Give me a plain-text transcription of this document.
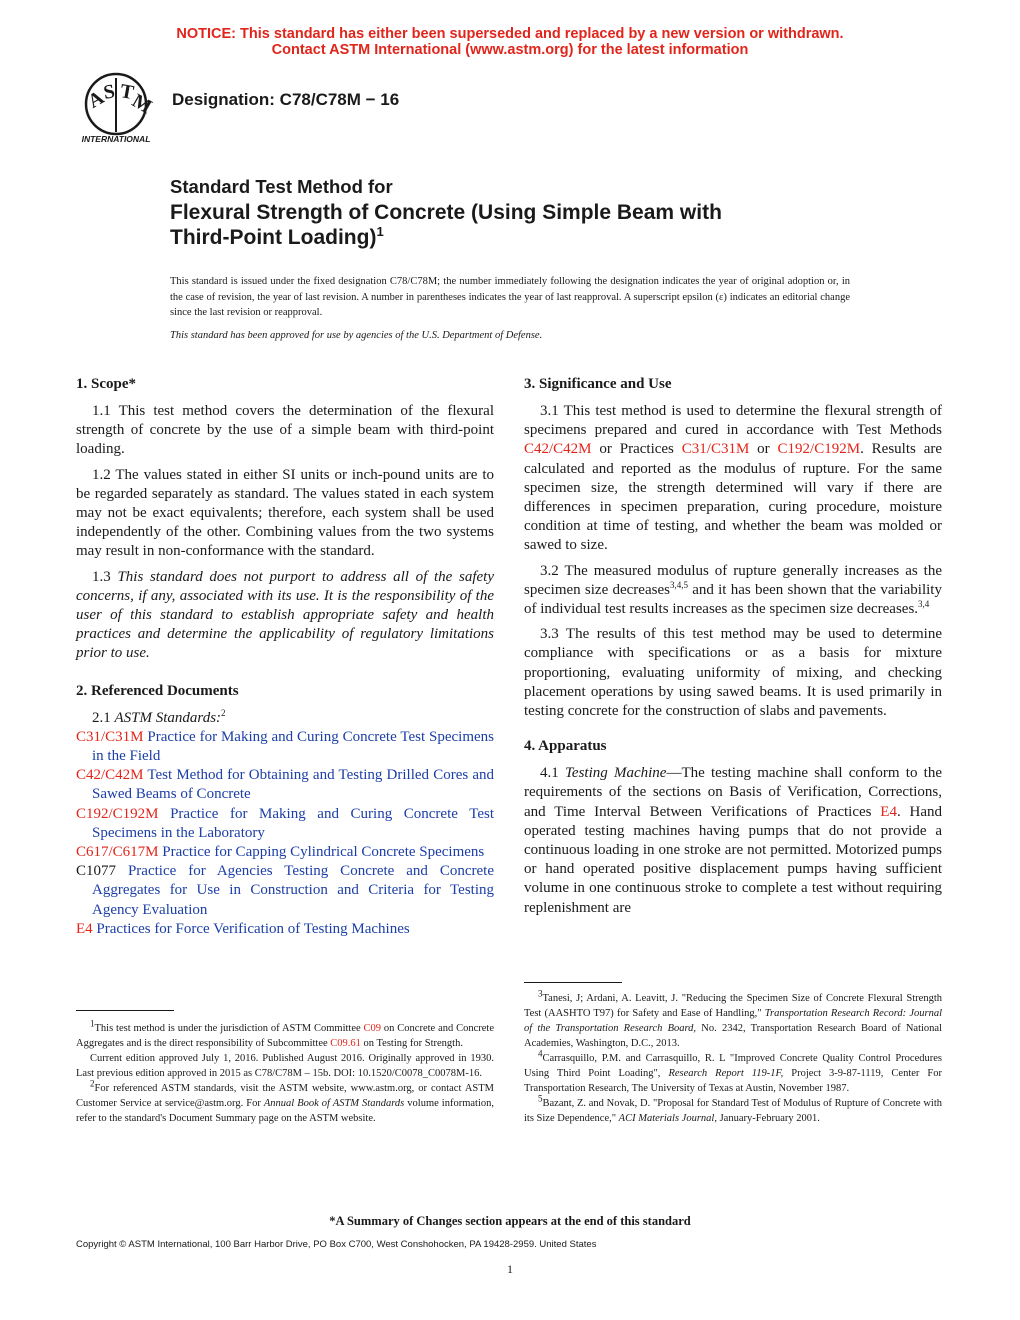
NOTICE: This standard has either been superseded and replaced by a new version or withdrawn.
Contact ASTM International (www.astm.org) for the latest information
A
S T
M
INTERNATIONAL
Designation: C78/C78M − 16
Standard Test Method for
Flexural Strength of Concrete (Using Simple Beam with
Third-Point Loading)$^1$
This standard is issued under the fixed designation C78/C78M; the number immediately following the designation indicates the year of original adoption or, in the case of revision, the year of last revision. A number in parentheses indicates the year of last reapproval. A superscript epsilon (ε) indicates an editorial change since the last revision or reapproval.
This standard has been approved for use by agencies of the U.S. Department of Defense.
1. Scope*

1.1 This test method covers the determination of the flexural strength of concrete by the use of a simple beam with third-point loading.

1.2 The values stated in either SI units or inch-pound units are to be regarded separately as standard. The values stated in each system may not be exact equivalents; therefore, each system shall be used independently of the other. Combining values from the two systems may result in non-conformance with the standard.

1.3 This standard does not purport to address all of the safety concerns, if any, associated with its use. It is the responsibility of the user of this standard to establish appropriate safety and health practices and determine the applicability of regulatory limitations prior to use.

2. Referenced Documents

2.1 ASTM Standards:$^2$

C31/C31M Practice for Making and Curing Concrete Test Specimens in the Field

C42/C42M Test Method for Obtaining and Testing Drilled Cores and Sawed Beams of Concrete

C192/C192M Practice for Making and Curing Concrete Test Specimens in the Laboratory

C617/C617M Practice for Capping Cylindrical Concrete Specimens

C1077 Practice for Agencies Testing Concrete and Concrete Aggregates for Use in Construction and Criteria for Testing Agency Evaluation

E4 Practices for Force Verification of Testing Machines

3. Significance and Use

3.1 This test method is used to determine the flexural strength of specimens prepared and cured in accordance with Test Methods C42/C42M or Practices C31/C31M or C192/C192M. Results are calculated and reported as the modulus of rupture. For the same specimen size, the strength determined will vary if there are differences in specimen preparation, curing procedure, moisture condition at time of testing, and whether the beam was molded or sawed to size.

3.2 The measured modulus of rupture generally increases as the specimen size decreases$^{3,4,5}$ and it has been shown that the variability of individual test results increases as the specimen size decreases.$^{3,4}$

3.3 The results of this test method may be used to determine compliance with specifications or as a basis for mixture proportioning, evaluating uniformity of mixing, and checking placement operations by using sawed beams. It is used primarily in testing concrete for the construction of slabs and pavements.

4. Apparatus

4.1 Testing Machine—The testing machine shall conform to the requirements of the sections on Basis of Verification, Corrections, and Time Interval Between Verifications of Practices E4. Hand operated testing machines having pumps that do not provide a continuous loading in one stroke are not permitted. Motorized pumps or hand operated positive displacement pumps having sufficient volume in one continuous stroke to complete a test without requiring replenishment are

$^1$This test method is under the jurisdiction of ASTM Committee C09 on Concrete and Concrete Aggregates and is the direct responsibility of Subcommittee C09.61 on Testing for Strength.

Current edition approved July 1, 2016. Published August 2016. Originally approved in 1930. Last previous edition approved in 2015 as C78/C78M – 15b. DOI: 10.1520/C0078_C0078M-16.

$^2$For referenced ASTM standards, visit the ASTM website, www.astm.org, or contact ASTM Customer Service at service@astm.org. For Annual Book of ASTM Standards volume information, refer to the standard's Document Summary page on the ASTM website.

$^3$Tanesi, J; Ardani, A. Leavitt, J. "Reducing the Specimen Size of Concrete Flexural Strength Test (AASHTO T97) for Safety and Ease of Handling," Transportation Research Record: Journal of the Transportation Research Board, No. 2342, Transportation Research Board of National Academies, Washington, D.C., 2013.

$^4$Carrasquillo, P.M. and Carrasquillo, R. L "Improved Concrete Quality Control Procedures Using Third Point Loading", Research Report 119-1F, Project 3-9-87-1119, Center For Transportation Research, The University of Texas at Austin, November 1987.

$^5$Bazant, Z. and Novak, D. "Proposal for Standard Test of Modulus of Rupture of Concrete with its Size Dependence," ACI Materials Journal, January-February 2001.

*A Summary of Changes section appears at the end of this standard
Copyright © ASTM International, 100 Barr Harbor Drive, PO Box C700, West Conshohocken, PA 19428-2959. United States
1
